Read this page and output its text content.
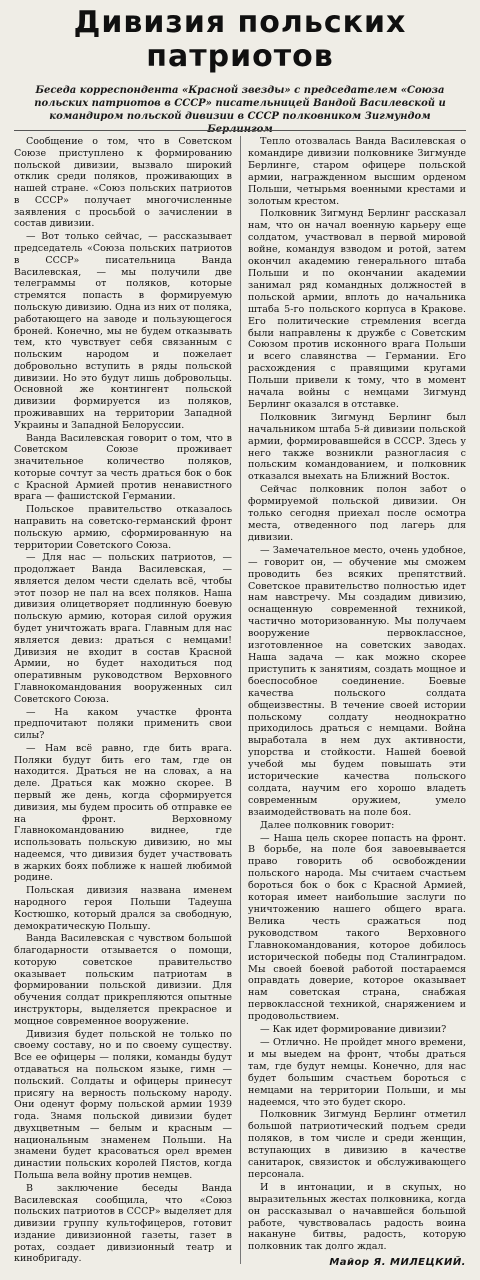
Дивизия польских
патриотов
Беседа корреспондента «Красной звезды» с председателем «Союза польских патриотов в СССР» писательницей Вандой Василевской и командиром польской дивизии в СССР полковником Зигмундом

Сообщение о том, что в Советском Союзе приступлено к формированию польской дивизии, вызвало широкий отклик среди поляков, проживающих в нашей стране. «Союз польских патриотов в СССР» получает многочисленные заявления с просьбой о зачислении в состав дивизии.

— Вот только сейчас, — рассказывает председатель «Союза польских патриотов в СССР» писательница Ванда Василевская, — мы получили две телеграммы от поляков, которые стремятся попасть в формируемую польскую дивизию. Одна из них от поляка, работающего на заводе и пользующегося броней. Конечно, мы не будем отказывать тем, кто чувствует себя связанным с польским народом и пожелает добровольно вступить в ряды польской дивизии. Но это будут лишь добровольцы. Основной же контингент польской дивизии формируется из поляков, проживавших на территории Западной Украины и Западной Белоруссии.

Ванда Василевская говорит о том, что в Советском Союзе проживает значительное количество поляков, которые сочтут за честь драться бок о бок с Красной Армией против ненавистного врага — фашистской Германии.

Польское правительство отказалось направить на советско-германский фронт польскую армию, сформированную на территории Советского Союза.

— Для нас — польских патриотов, — продолжает Ванда Василевская, — является делом чести сделать всё, чтобы этот позор не пал на всех поляков. Наша дивизия олицетворяет подлинную боевую польскую армию, которая силой оружия будет уничтожать врага. Главным для нас является девиз: драться с немцами! Дивизия не входит в состав Красной Армии, но будет находиться под оперативным руководством Верховного Главнокомандования вооруженных сил Советского Союза.

— На каком участке фронта предпочитают поляки применить свои силы?

— Нам всё равно, где бить врага. Поляки будут бить его там, где он находится. Драться не на словах, а на деле. Драться как можно скорее. В первый же день, когда сформируется дивизия, мы будем просить об отправке ее на фронт. Верховному Главнокомандованию виднее, где использовать польскую дивизию, но мы надеемся, что дивизия будет участвовать в жарких боях поближе к нашей любимой родине.

Польская дивизия названа именем народного героя Польши Тадеуша Костюшко, который дрался за свободную, демократическую Польшу.

Ванда Василевская с чувством большой благодарности отзывается о помощи, которую советское правительство оказывает польским патриотам в формировании польской дивизии. Для обучения солдат прикрепляются опытные инструкторы, выделяется прекрасное и мощное современное вооружение.

Дивизия будет польской не только по своему составу, но и по своему существу. Все ее офицеры — поляки, команды будут отдаваться на польском языке, гимн — польский. Солдаты и офицеры принесут присягу на верность польскому народу. Они оденут форму польской армии 1939 года. Знамя польской дивизии будет двухцветным — белым и красным — национальным знаменем Польши. На знамени будет красоваться орел времен династии польских королей Пястов, когда Польша вела войну против немцев.

В заключение беседы Ванда Василевская сообщила, что «Союз польских патриотов в СССР» выделяет для дивизии группу культофицеров, готовит издание дивизионной газеты, газет в ротах, создает дивизионный театр и кинобригаду.

Тепло отозвалась Ванда Василевская о командире дивизии полковнике Зигмунде Берлинге, старом офицере польской армии, награжденном высшим орденом Польши, четырьмя военными крестами и золотым крестом.

Полковник Зигмунд Берлинг рассказал нам, что он начал военную карьеру еще солдатом, участвовал в первой мировой войне, командуя взводом и ротой, затем окончил академию генерального штаба Польши и по окончании академии занимал ряд командных должностей в польской армии, вплоть до начальника штаба 5-го польского корпуса в Кракове. Его политические стремления всегда были направлены к дружбе с Советским Союзом против исконного врага Польши и всего славянства — Германии. Его расхождения с правящими кругами Польши привели к тому, что в момент начала войны с немцами Зигмунд Берлинг оказался в отставке.

Полковник Зигмунд Берлинг был начальником штаба 5-й дивизии польской армии, формировавшейся в СССР. Здесь у него также возникли разногласия с польским командованием, и полковник отказался выехать на Ближний Восток.

Сейчас полковник полон забот о формируемой польской дивизии. Он только сегодня приехал после осмотра места, отведенного под лагерь для дивизии.

— Замечательное место, очень удобное, — говорит он, — обучение мы сможем проводить без всяких препятствий. Советское правительство полностью идет нам навстречу. Мы создадим дивизию, оснащенную современной техникой, частично моторизованную. Мы получаем вооружение первоклассное, изготовленное на советских заводах. Наша задача — как можно скорее приступить к занятиям, создать мощное и боеспособное соединение. Боевые качества польского солдата общеизвестны. В течение своей истории польскому солдату неоднократно приходилось драться с немцами. Война выработала в нем дух активности, упорства и стойкости. Нашей боевой учебой мы будем повышать эти исторические качества польского солдата, научим его хорошо владеть современным оружием, умело взаимодействовать на поле боя.

Далее полковник говорит:

— Наша цель скорее попасть на фронт. В борьбе, на поле боя завоевывается право говорить об освобождении польского народа. Мы считаем счастьем бороться бок о бок с Красной Армией, которая имеет наибольшие заслуги по уничтожению нашего общего врага. Велика честь сражаться под руководством такого Верховного Главнокомандования, которое добилось исторической победы под Сталинградом. Мы своей боевой работой постараемся оправдать доверие, которое оказывает нам советская страна, снабжая первоклассной техникой, снаряжением и продовольствием.

— Как идет формирование дивизии?

— Отлично. Не пройдет много времени, и мы выедем на фронт, чтобы драться там, где будут немцы. Конечно, для нас будет большим счастьем бороться с немцами на территории Польши, и мы надеемся, что это будет скоро.

Полковник Зигмунд Берлинг отметил большой патриотический подъем среди поляков, в том числе и среди женщин, вступающих в дивизию в качестве санитарок, связисток и обслуживающего персонала.

И в интонации, и в скупых, но выразительных жестах полковника, когда он рассказывал о начавшейся большой работе, чувствовалась радость воина накануне битвы, радость, которую полковник так долго ждал.

Майор Я. МИЛЕЦКИЙ.
